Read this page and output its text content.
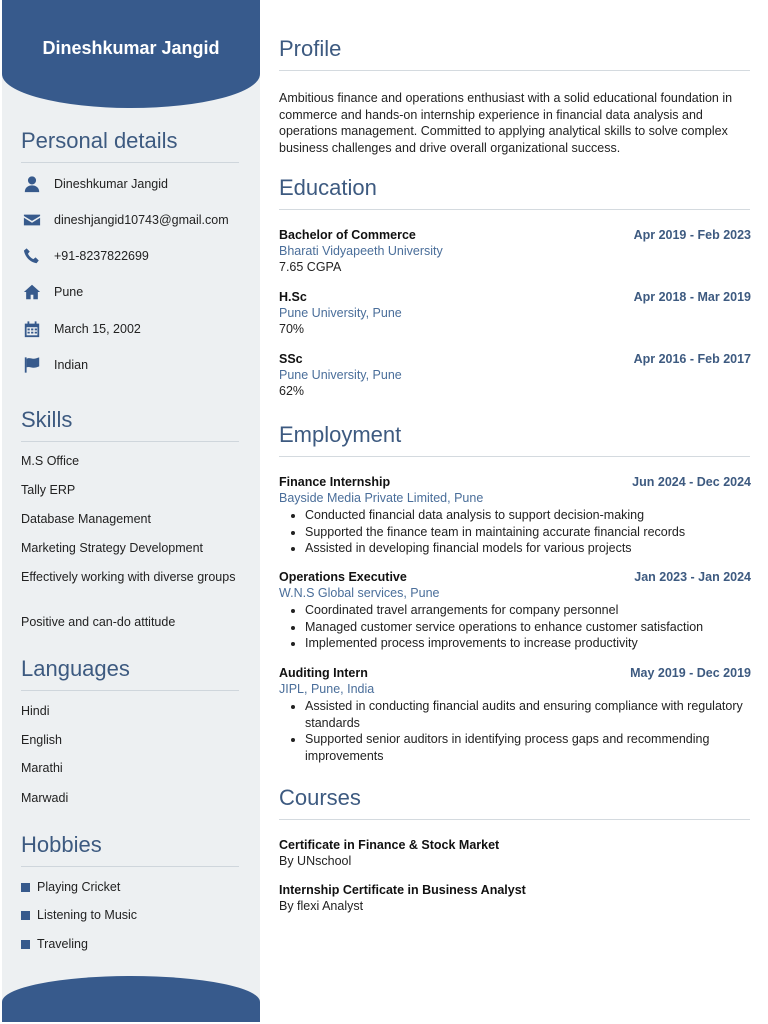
Dineshkumar Jangid
Personal details
Dineshkumar Jangid
dineshjangid10743@gmail.com
+91-8237822699
Pune
March 15, 2002
Indian
Skills
M.S Office
Tally ERP
Database Management
Marketing Strategy Development
Effectively working with diverse groups
Positive and can-do attitude
Languages
Hindi
English
Marathi
Marwadi
Hobbies
Playing Cricket
Listening to Music
Traveling
Profile

Ambitious finance and operations enthusiast with a solid educational foundation in commerce and hands-on internship experience in financial data analysis and operations management. Committed to applying analytical skills to solve complex business challenges and drive overall organizational success.

Education
Bachelor of Commerce	Apr 2019 - Feb 2023
Bharati Vidyapeeth University
7.65 CGPA
H.Sc	Apr 2018 - Mar 2019
Pune University, Pune
70%
SSc	Apr 2016 - Feb 2017
Pune University, Pune
62%
Employment
Finance Internship	Jun 2024 - Dec 2024
Bayside Media Private Limited, Pune
• Conducted financial data analysis to support decision-making
• Supported the finance team in maintaining accurate financial records
• Assisted in developing financial models for various projects
Operations Executive	Jan 2023 - Jan 2024
W.N.S Global services, Pune
• Coordinated travel arrangements for company personnel
• Managed customer service operations to enhance customer satisfaction
• Implemented process improvements to increase productivity
Auditing Intern	May 2019 - Dec 2019
JIPL, Pune, India
• Assisted in conducting financial audits and ensuring compliance with regulatory standards
• Supported senior auditors in identifying process gaps and recommending improvements
Courses
Certificate in Finance & Stock Market
By UNschool
Internship Certificate in Business Analyst
By flexi Analyst
